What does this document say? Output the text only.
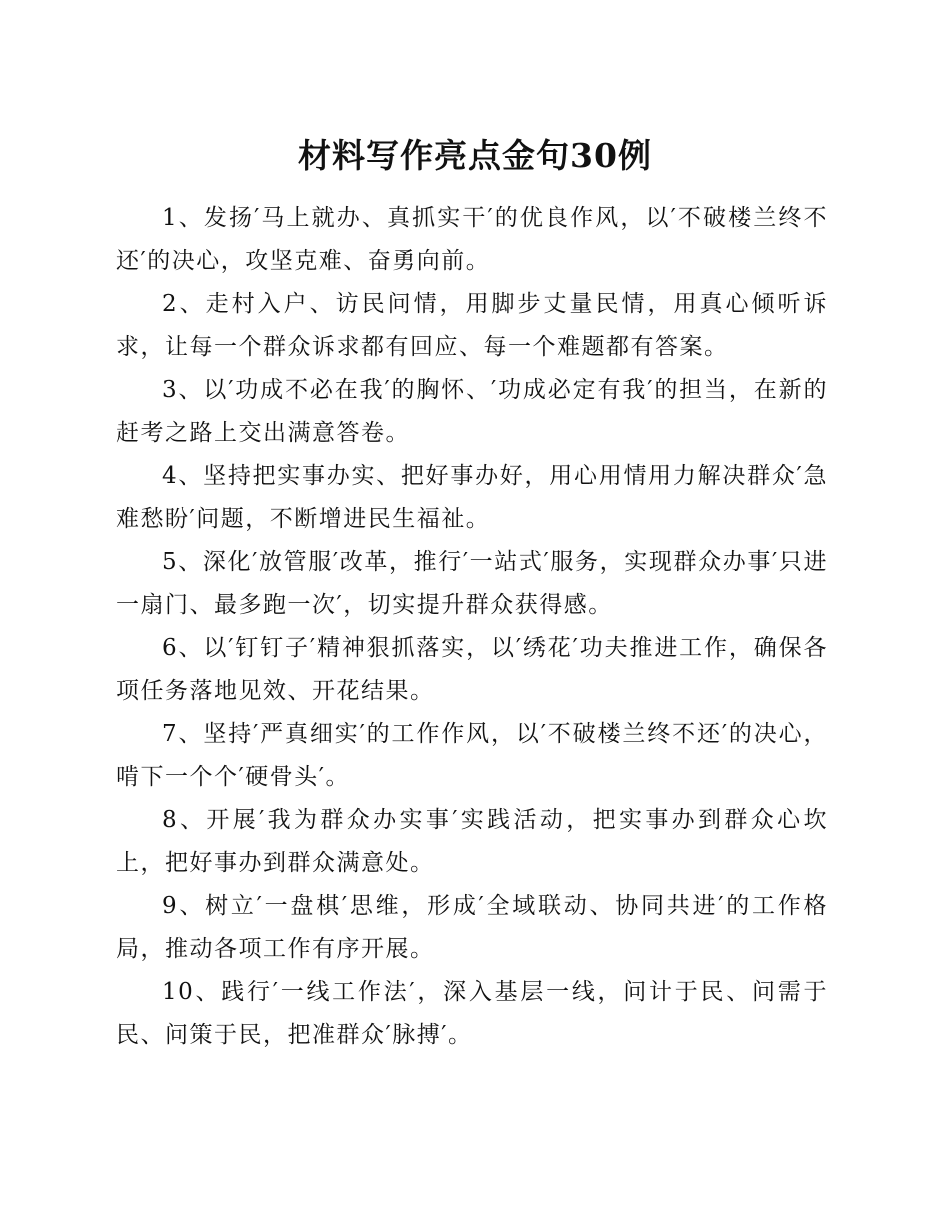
材料写作亮点金句30例

1、发扬′马上就办、真抓实干′的优良作风，以′不破楼兰终不还′的决心，攻坚克难、奋勇向前。

2、走村入户、访民问情，用脚步丈量民情，用真心倾听诉求，让每一个群众诉求都有回应、每一个难题都有答案。

3、以′功成不必在我′的胸怀、′功成必定有我′的担当，在新的赶考之路上交出满意答卷。

4、坚持把实事办实、把好事办好，用心用情用力解决群众′急难愁盼′问题，不断增进民生福祉。

5、深化′放管服′改革，推行′一站式′服务，实现群众办事′只进一扇门、最多跑一次′，切实提升群众获得感。

6、以′钉钉子′精神狠抓落实，以′绣花′功夫推进工作，确保各项任务落地见效、开花结果。

7、坚持′严真细实′的工作作风，以′不破楼兰终不还′的决心，啃下一个个′硬骨头′。

8、开展′我为群众办实事′实践活动，把实事办到群众心坎上，把好事办到群众满意处。

9、树立′一盘棋′思维，形成′全域联动、协同共进′的工作格局，推动各项工作有序开展。

10、践行′一线工作法′，深入基层一线，问计于民、问需于民、问策于民，把准群众′脉搏′。
